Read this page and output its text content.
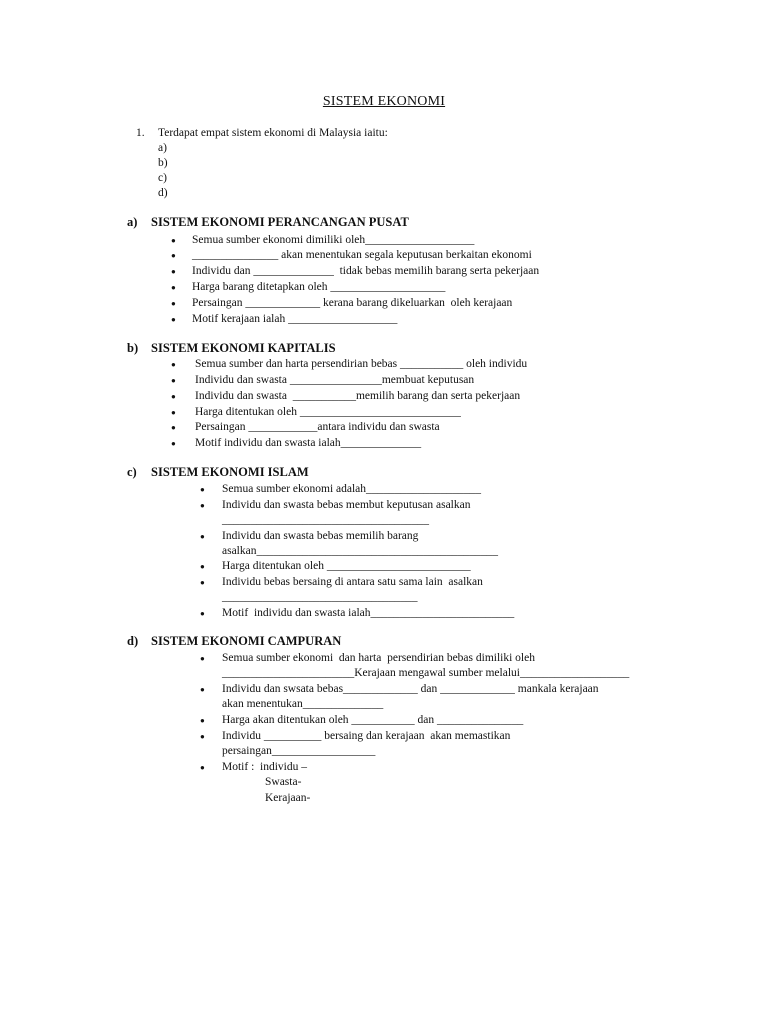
SISTEM EKONOMI
1. Terdapat empat sistem ekonomi di Malaysia iaitu:
a)
b)
c)
d)
a) SISTEM EKONOMI PERANCANGAN PUSAT
● Semua sumber ekonomi dimiliki oleh___________________
● _______________ akan menentukan segala keputusan berkaitan ekonomi
● Individu dan ______________  tidak bebas memilih barang serta pekerjaan
● Harga barang ditetapkan oleh ____________________
● Persaingan _____________ kerana barang dikeluarkan  oleh kerajaan
● Motif kerajaan ialah ___________________
b) SISTEM EKONOMI KAPITALIS
● Semua sumber dan harta persendirian bebas ___________ oleh individu
● Individu dan swasta ________________membuat keputusan
● Individu dan swasta  ___________memilih barang dan serta pekerjaan
● Harga ditentukan oleh ____________________________
● Persaingan ____________antara individu dan swasta
● Motif individu dan swasta ialah______________
c) SISTEM EKONOMI ISLAM
● Semua sumber ekonomi adalah____________________
● Individu dan swasta bebas membut keputusan asalkan
____________________________________
● Individu dan swasta bebas memilih barang
asalkan__________________________________________
● Harga ditentukan oleh _________________________
● Individu bebas bersaing di antara satu sama lain  asalkan
__________________________________
● Motif  individu dan swasta ialah_________________________
d) SISTEM EKONOMI CAMPURAN
● Semua sumber ekonomi  dan harta  persendirian bebas dimiliki oleh
_______________________Kerajaan mengawal sumber melalui___________________
● Individu dan swsata bebas_____________ dan _____________ mankala kerajaan
akan menentukan______________
● Harga akan ditentukan oleh ___________ dan _______________
● Individu __________ bersaing dan kerajaan  akan memastikan
persaingan__________________
● Motif :  individu –
Swasta-
Kerajaan-
